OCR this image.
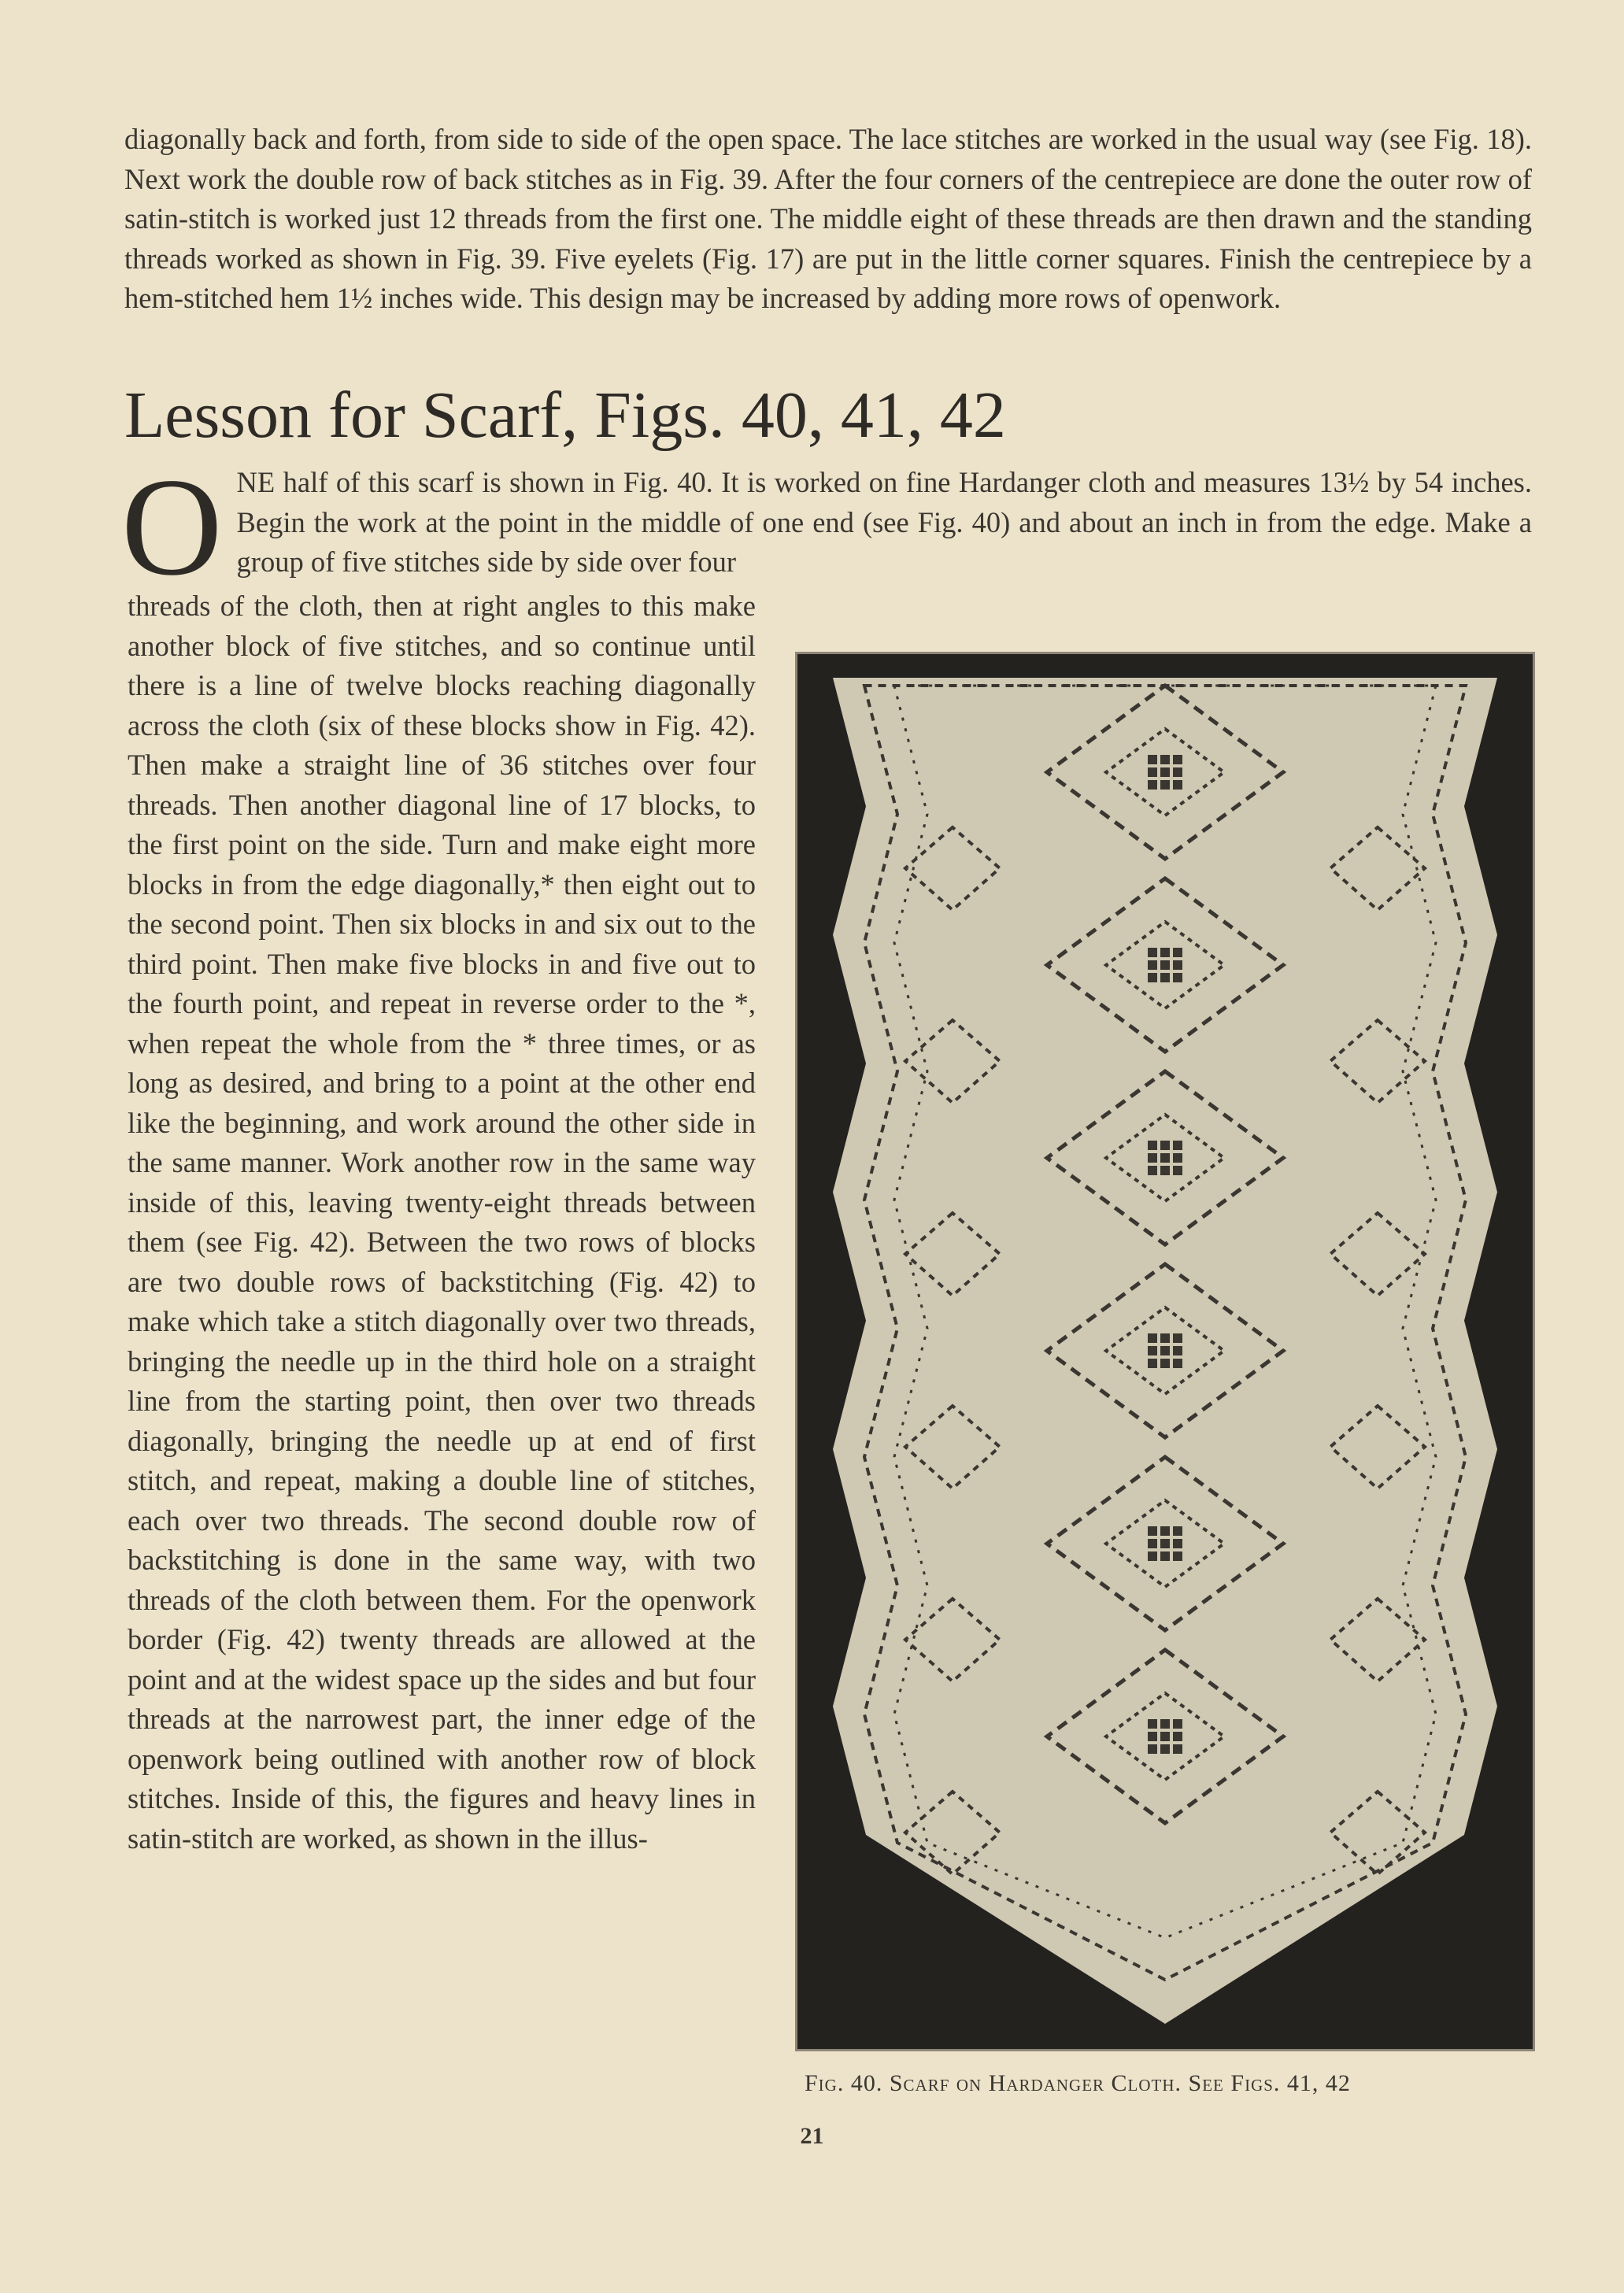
diagonally back and forth, from side to side of the open space. The lace stitches are worked in the usual way (see Fig. 18). Next work the double row of back stitches as in Fig. 39. After the four corners of the centrepiece are done the outer row of satin-stitch is worked just 12 threads from the first one. The middle eight of these threads are then drawn and the standing threads worked as shown in Fig. 39. Five eyelets (Fig. 17) are put in the little corner squares. Finish the centrepiece by a hem-stitched hem 1½ inches wide. This design may be increased by adding more rows of openwork.

Lesson for Scarf, Figs. 40, 41, 42

ONE half of this scarf is shown in Fig. 40. It is worked on fine Hardanger cloth and measures 13½ by 54 inches. Begin the work at the point in the middle of one end (see Fig. 40) and about an inch in from the edge. Make a group of five stitches side by side over four

threads of the cloth, then at right angles to this make another block of five stitches, and so continue until there is a line of twelve blocks reaching diagonally across the cloth (six of these blocks show in Fig. 42). Then make a straight line of 36 stitches over four threads. Then another diagonal line of 17 blocks, to the first point on the side. Turn and make eight more blocks in from the edge diagonally,* then eight out to the second point. Then six blocks in and six out to the third point. Then make five blocks in and five out to the fourth point, and repeat in reverse order to the *, when repeat the whole from the * three times, or as long as desired, and bring to a point at the other end like the beginning, and work around the other side in the same manner. Work another row in the same way inside of this, leaving twenty-eight threads between them (see Fig. 42). Between the two rows of blocks are two double rows of backstitching (Fig. 42) to make which take a stitch diagonally over two threads, bringing the needle up in the third hole on a straight line from the starting point, then over two threads diagonally, bringing the needle up at end of first stitch, and repeat, making a double line of stitches, each over two threads. The second double row of backstitching is done in the same way, with two threads of the cloth between them. For the openwork border (Fig. 42) twenty threads are allowed at the point and at the widest space up the sides and but four threads at the narrowest part, the inner edge of the openwork being outlined with another row of block stitches. Inside of this, the figures and heavy lines in satin-stitch are worked, as shown in the illus-

Fig. 40. Scarf on Hardanger Cloth. See Figs. 41, 42

21
